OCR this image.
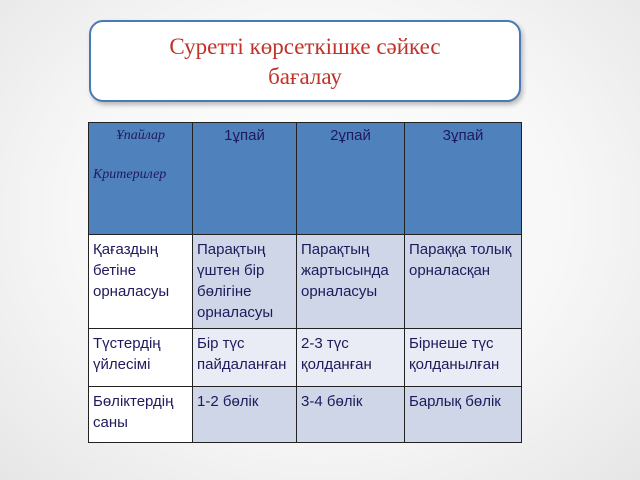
Суретті көрсеткішке сәйкес
бағалау
Ұпайлар
Критерилер	1ұпай	2ұпай	3ұпай

Қағаздың бетіне орналасуы	Парақтың үштен бір бөлігіне орналасуы	Парақтың жартысында орналасуы	Параққа толық орналасқан
Түстердің үйлесімі	Бір түс пайдаланған	2-3 түс қолданған	Бірнеше түс қолданылған
Бөліктердің саны	1-2 бөлік	3-4 бөлік	Барлық бөлік
